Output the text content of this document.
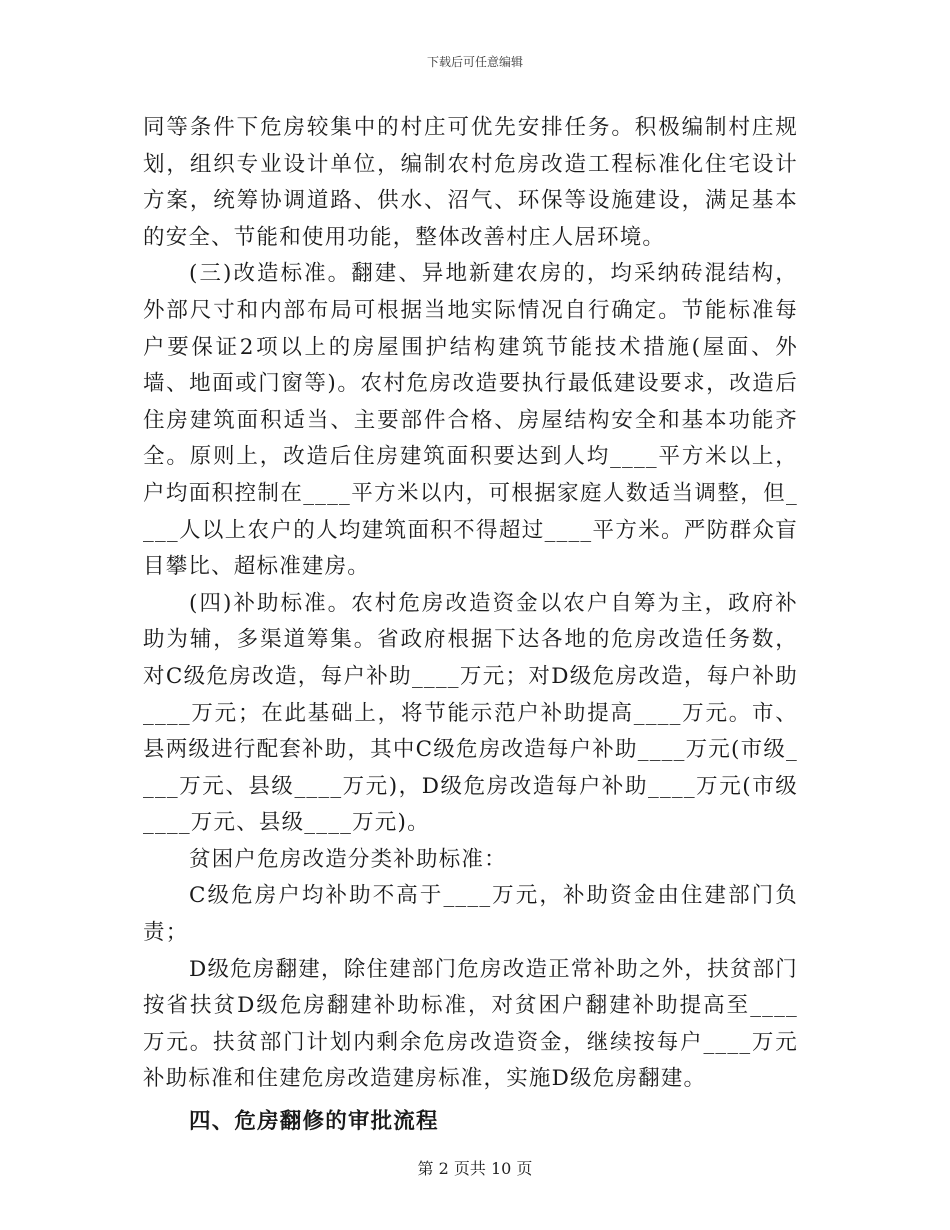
下载后可任意编辑

同等条件下危房较集中的村庄可优先安排任务。积极编制村庄规划，组织专业设计单位，编制农村危房改造工程标准化住宅设计方案，统筹协调道路、供水、沼气、环保等设施建设，满足基本的安全、节能和使用功能，整体改善村庄人居环境。

(三)改造标准。翻建、异地新建农房的，均采纳砖混结构，外部尺寸和内部布局可根据当地实际情况自行确定。节能标准每户要保证2项以上的房屋围护结构建筑节能技术措施(屋面、外墙、地面或门窗等)。农村危房改造要执行最低建设要求，改造后住房建筑面积适当、主要部件合格、房屋结构安全和基本功能齐全。原则上，改造后住房建筑面积要达到人均____平方米以上，户均面积控制在____平方米以内，可根据家庭人数适当调整，但____人以上农户的人均建筑面积不得超过____平方米。严防群众盲目攀比、超标准建房。

(四)补助标准。农村危房改造资金以农户自筹为主，政府补助为辅，多渠道筹集。省政府根据下达各地的危房改造任务数，对C级危房改造，每户补助____万元；对D级危房改造，每户补助____万元；在此基础上，将节能示范户补助提高____万元。市、县两级进行配套补助，其中C级危房改造每户补助____万元(市级____万元、县级____万元)，D级危房改造每户补助____万元(市级____万元、县级____万元)。

贫困户危房改造分类补助标准：

C级危房户均补助不高于____万元，补助资金由住建部门负责；

D级危房翻建，除住建部门危房改造正常补助之外，扶贫部门按省扶贫D级危房翻建补助标准，对贫困户翻建补助提高至____万元。扶贫部门计划内剩余危房改造资金，继续按每户____万元补助标准和住建危房改造建房标准，实施D级危房翻建。

四、危房翻修的审批流程

第 2 页共 10 页
